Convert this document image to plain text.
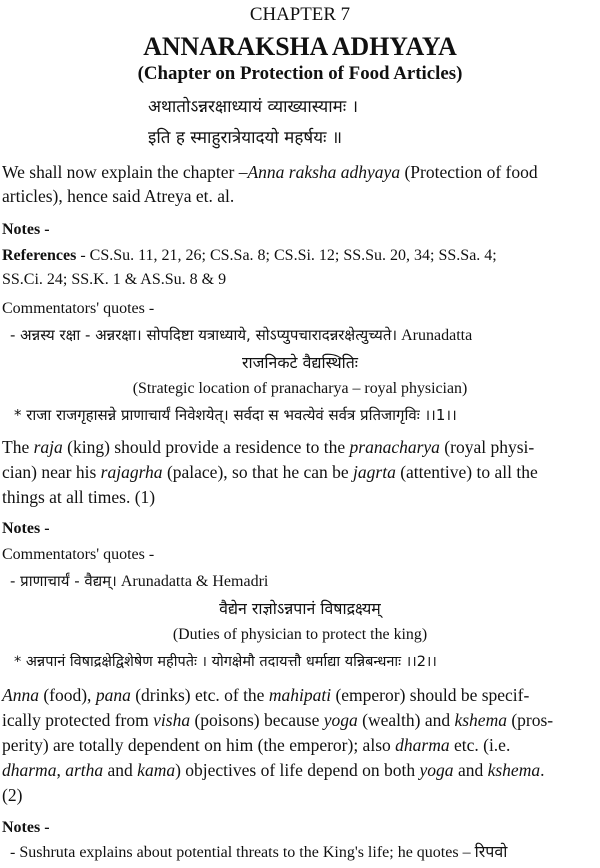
CHAPTER 7
ANNARAKSHA ADHYAYA
(Chapter on Protection of Food Articles)
अथातोऽन्नरक्षाध्यायं व्याख्यास्यामः ।
इति ह स्माहुरात्रेयादयो महर्षयः ॥
We shall now explain the chapter –Anna raksha adhyaya (Protection of food
articles), hence said Atreya et. al.
Notes -
References - CS.Su. 11, 21, 26; CS.Sa. 8; CS.Si. 12; SS.Su. 20, 34; SS.Sa. 4;
SS.Ci. 24; SS.K. 1 & AS.Su. 8 & 9
Commentators' quotes -
- अन्नस्य रक्षा - अन्नरक्षा। सोपदिष्टा यत्राध्याये, सोऽप्युपचारादन्नरक्षेत्युच्यते। Arunadatta
राजनिकटे वैद्यस्थितिः
(Strategic location of pranacharya – royal physician)
* राजा राजगृहासन्ने प्राणाचार्यं निवेशयेत्। सर्वदा स भवत्येवं सर्वत्र प्रतिजागृविः ।।1।।
The raja (king) should provide a residence to the pranacharya (royal physi-
cian) near his rajagrha (palace), so that he can be jagrta (attentive) to all the
things at all times. (1)
Notes -
Commentators' quotes -
- प्राणाचार्यं - वैद्यम्। Arunadatta & Hemadri
वैद्येन राज्ञोऽन्नपानं विषाद्रक्ष्यम्
(Duties of physician to protect the king)
* अन्नपानं विषाद्रक्षेद्विशेषेण महीपतेः । योगक्षेमौ तदायत्तौ धर्माद्या यन्निबन्धनाः ।।2।।
Anna (food), pana (drinks) etc. of the mahipati (emperor) should be specif-
ically protected from visha (poisons) because yoga (wealth) and kshema (pros-
perity) are totally dependent on him (the emperor); also dharma etc. (i.e.
dharma, artha and kama) objectives of life depend on both yoga and kshema.
(2)
Notes -
- Sushruta explains about potential threats to the King's life; he quotes – रिपवो
